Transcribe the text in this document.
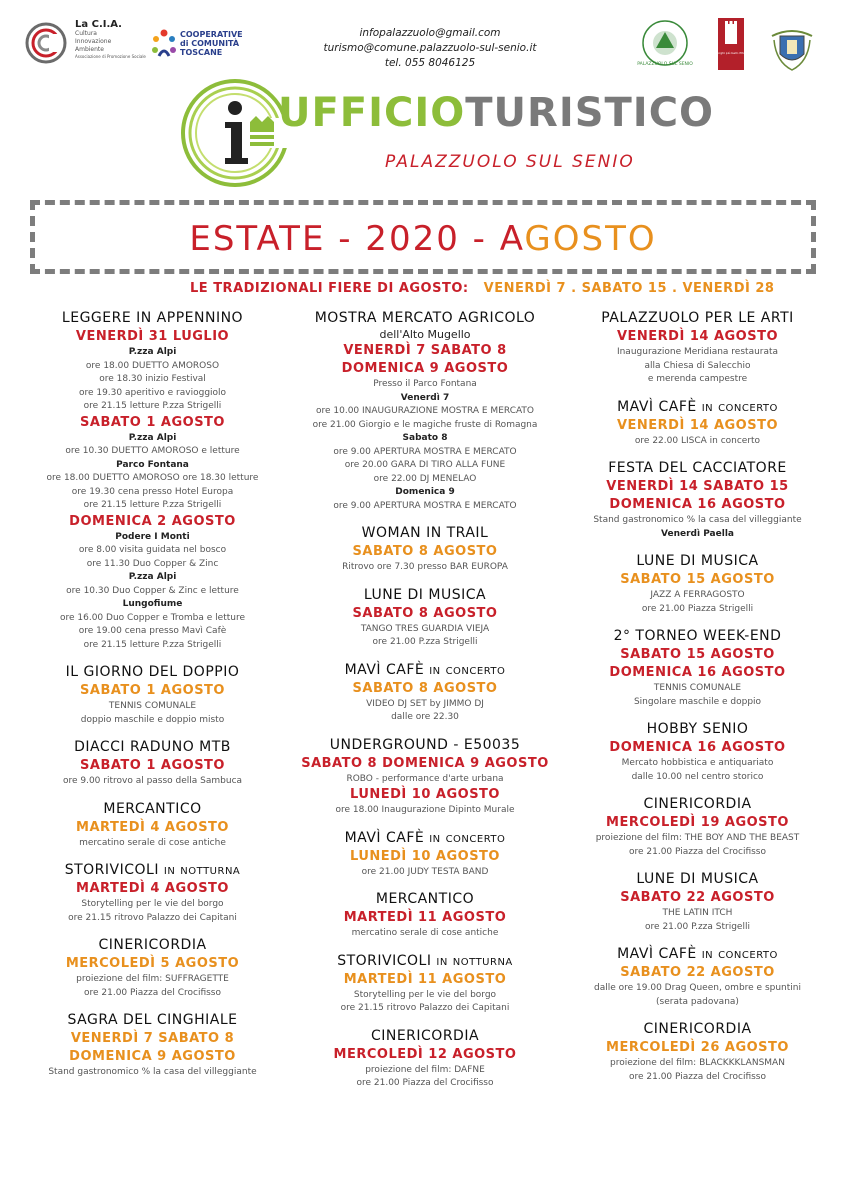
La C.I.A.
Cultura
Innovazione
Ambiente
Associazione di Promozione Sociale
COOPERATIVE
di COMUNITÀ
TOSCANE
infopalazzuolo@gmail.com
turismo@comune.palazzuolo-sul-senio.it
tel. 055 8046125	PALAZZUOLO SUL SENIO
I Borghi più belli d'Italia
UFFICIOTURISTICO
PALAZZUOLO SUL SENIO
ESTATE - 2020 - AGOSTO
LE TRADIZIONALI FIERE DI AGOSTO: VENERDÌ 7 . SABATO 15 . VENERDÌ 28
LEGGERE IN APPENNINO
VENERDÌ 31 LUGLIO
P.zza Alpi
ore 18.00 DUETTO AMOROSO
ore 18.30 inizio Festival
ore 19.30 aperitivo e ravioggiolo
ore 21.15 letture P.zza Strigelli
SABATO 1 AGOSTO
P.zza Alpi
ore 10.30 DUETTO AMOROSO e letture
Parco Fontana
ore 18.00 DUETTO AMOROSO ore 18.30 letture
ore 19.30 cena presso Hotel Europa
ore 21.15 letture P.zza Strigelli
DOMENICA 2 AGOSTO
Podere I Monti
ore 8.00 visita guidata nel bosco
ore 11.30 Duo Copper & Zinc
P.zza Alpi
ore 10.30 Duo Copper & Zinc e letture
Lungofiume
ore 16.00 Duo Copper e Tromba e letture
ore 19.00 cena presso Mavì Cafè
ore 21.15 letture P.zza Strigelli
IL GIORNO DEL DOPPIO
SABATO 1 AGOSTO
TENNIS COMUNALE
doppio maschile e doppio misto
DIACCI RADUNO MTB
SABATO 1 AGOSTO
ore 9.00 ritrovo al passo della Sambuca
MERCANTICO
MARTEDÌ 4 AGOSTO
mercatino serale di cose antiche
STORIVICOLI in notturna
MARTEDÌ 4 AGOSTO
Storytelling per le vie del borgo
ore 21.15 ritrovo Palazzo dei Capitani
CINERICORDIA
MERCOLEDÌ 5 AGOSTO
proiezione del film: SUFFRAGETTE
ore 21.00 Piazza del Crocifisso
SAGRA DEL CINGHIALE
VENERDÌ 7 SABATO 8
DOMENICA 9 AGOSTO
Stand gastronomico % la casa del villeggiante
MOSTRA MERCATO AGRICOLO
dell'Alto Mugello
VENERDÌ 7 SABATO 8
DOMENICA 9 AGOSTO
Presso il Parco Fontana
Venerdì 7
ore 10.00 INAUGURAZIONE MOSTRA E MERCATO
ore 21.00 Giorgio e le magiche fruste di Romagna
Sabato 8
ore 9.00 APERTURA MOSTRA E MERCATO
ore 20.00 GARA DI TIRO ALLA FUNE
ore 22.00 DJ MENELAO
Domenica 9
ore 9.00 APERTURA MOSTRA E MERCATO
WOMAN IN TRAIL
SABATO 8 AGOSTO
Ritrovo ore 7.30 presso BAR EUROPA
LUNE DI MUSICA
SABATO 8 AGOSTO
TANGO TRES GUARDIA VIEJA
ore 21.00 P.zza Strigelli
MAVÌ CAFÈ in concerto
SABATO 8 AGOSTO
VIDEO DJ SET by JIMMO DJ
dalle ore 22.30
UNDERGROUND - E50035
SABATO 8 DOMENICA 9 AGOSTO
ROBO - performance d'arte urbana
LUNEDÌ 10 AGOSTO
ore 18.00 Inaugurazione Dipinto Murale
MAVÌ CAFÈ in concerto
LUNEDÌ 10 AGOSTO
ore 21.00 JUDY TESTA BAND
MERCANTICO
MARTEDÌ 11 AGOSTO
mercatino serale di cose antiche
STORIVICOLI in notturna
MARTEDÌ 11 AGOSTO
Storytelling per le vie del borgo
ore 21.15 ritrovo Palazzo dei Capitani
CINERICORDIA
MERCOLEDÌ 12 AGOSTO
proiezione del film: DAFNE
ore 21.00 Piazza del Crocifisso
PALAZZUOLO PER LE ARTI
VENERDÌ 14 AGOSTO
Inaugurazione Meridiana restaurata
alla Chiesa di Salecchio
e merenda campestre
MAVÌ CAFÈ in concerto
VENERDÌ 14 AGOSTO
ore 22.00 LISCA in concerto
FESTA DEL CACCIATORE
VENERDÌ 14 SABATO 15
DOMENICA 16 AGOSTO
Stand gastronomico % la casa del villeggiante
Venerdì Paella
LUNE DI MUSICA
SABATO 15 AGOSTO
JAZZ A FERRAGOSTO
ore 21.00 Piazza Strigelli
2° TORNEO WEEK-END
SABATO 15 AGOSTO
DOMENICA 16 AGOSTO
TENNIS COMUNALE
Singolare maschile e doppio
HOBBY SENIO
DOMENICA 16 AGOSTO
Mercato hobbistica e antiquariato
dalle 10.00 nel centro storico
CINERICORDIA
MERCOLEDÌ 19 AGOSTO
proiezione del film: THE BOY AND THE BEAST
ore 21.00 Piazza del Crocifisso
LUNE DI MUSICA
SABATO 22 AGOSTO
THE LATIN ITCH
ore 21.00 P.zza Strigelli
MAVÌ CAFÈ in concerto
SABATO 22 AGOSTO
dalle ore 19.00 Drag Queen, ombre e spuntini
(serata padovana)
CINERICORDIA
MERCOLEDÌ 26 AGOSTO
proiezione del film: BLACKKKLANSMAN
ore 21.00 Piazza del Crocifisso
